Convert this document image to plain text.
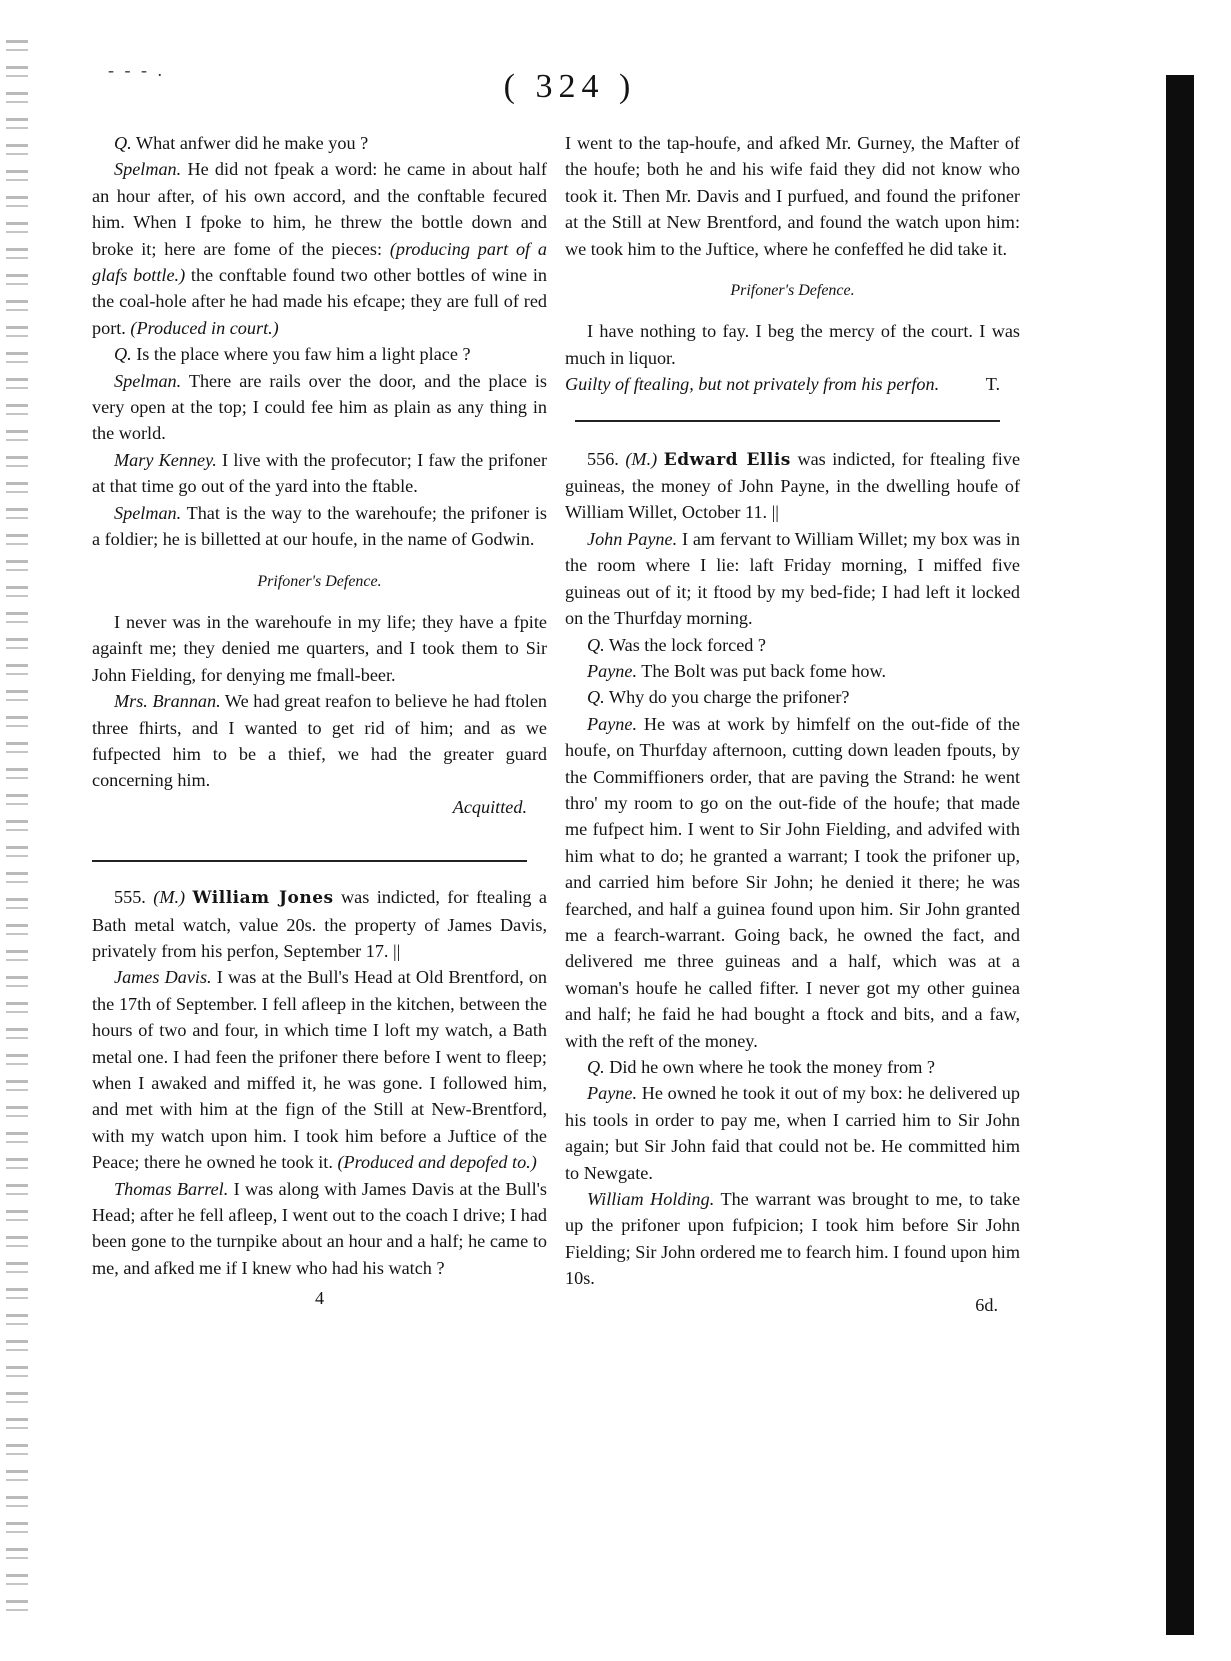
- - - .	( 324 )

Q. What anfwer did he make you ?

Spelman. He did not fpeak a word: he came in about half an hour after, of his own accord, and the conftable fecured him. When I fpoke to him, he threw the bottle down and broke it; here are fome of the pieces: (producing part of a glafs bottle.) the conftable found two other bottles of wine in the coal-hole after he had made his efcape; they are full of red port. (Produced in court.)

Q. Is the place where you faw him a light place ?

Spelman. There are rails over the door, and the place is very open at the top; I could fee him as plain as any thing in the world.

Mary Kenney. I live with the profecutor; I faw the prifoner at that time go out of the yard into the ftable.

Spelman. That is the way to the warehoufe; the prifoner is a foldier; he is billetted at our houfe, in the name of Godwin.

Prifoner's Defence.

I never was in the warehoufe in my life; they have a fpite againft me; they denied me quarters, and I took them to Sir John Fielding, for denying me fmall-beer.

Mrs. Brannan. We had great reafon to believe he had ftolen three fhirts, and I wanted to get rid of him; and as we fufpected him to be a thief, we had the greater guard concerning him.

Acquitted.

555. (M.) William Jones was indicted, for ftealing a Bath metal watch, value 20s. the property of James Davis, privately from his perfon, September 17. ||

James Davis. I was at the Bull's Head at Old Brentford, on the 17th of September. I fell afleep in the kitchen, between the hours of two and four, in which time I loft my watch, a Bath metal one. I had feen the prifoner there before I went to fleep; when I awaked and miffed it, he was gone. I followed him, and met with him at the fign of the Still at New-Brentford, with my watch upon him. I took him before a Juftice of the Peace; there he owned he took it. (Produced and depofed to.)

Thomas Barrel. I was along with James Davis at the Bull's Head; after he fell afleep, I went out to the coach I drive; I had been gone to the turnpike about an hour and a half; he came to me, and afked me if I knew who had his watch ?

4

I went to the tap-houfe, and afked Mr. Gurney, the Mafter of the houfe; both he and his wife faid they did not know who took it. Then Mr. Davis and I purfued, and found the prifoner at the Still at New Brentford, and found the watch upon him: we took him to the Juftice, where he confeffed he did take it.

Prifoner's Defence.

I have nothing to fay. I beg the mercy of the court. I was much in liquor.

Guilty of ftealing, but not privately from his perfon.	T.

556. (M.) Edward Ellis was indicted, for ftealing five guineas, the money of John Payne, in the dwelling houfe of William Willet, October 11. ||

John Payne. I am fervant to William Willet; my box was in the room where I lie: laft Friday morning, I miffed five guineas out of it; it ftood by my bed-fide; I had left it locked on the Thurfday morning.

Q. Was the lock forced ?

Payne. The Bolt was put back fome how.

Q. Why do you charge the prifoner?

Payne. He was at work by himfelf on the out-fide of the houfe, on Thurfday afternoon, cutting down leaden fpouts, by the Commiffioners order, that are paving the Strand: he went thro' my room to go on the out-fide of the houfe; that made me fufpect him. I went to Sir John Fielding, and advifed with him what to do; he granted a warrant; I took the prifoner up, and carried him before Sir John; he denied it there; he was fearched, and half a guinea found upon him. Sir John granted me a fearch-warrant. Going back, he owned the fact, and delivered me three guineas and a half, which was at a woman's houfe he called fifter. I never got my other guinea and half; he faid he had bought a ftock and bits, and a faw, with the reft of the money.

Q. Did he own where he took the money from ?

Payne. He owned he took it out of my box: he delivered up his tools in order to pay me, when I carried him to Sir John again; but Sir John faid that could not be. He committed him to Newgate.

William Holding. The warrant was brought to me, to take up the prifoner upon fufpicion; I took him before Sir John Fielding; Sir John ordered me to fearch him. I found upon him 10s.

6d.
